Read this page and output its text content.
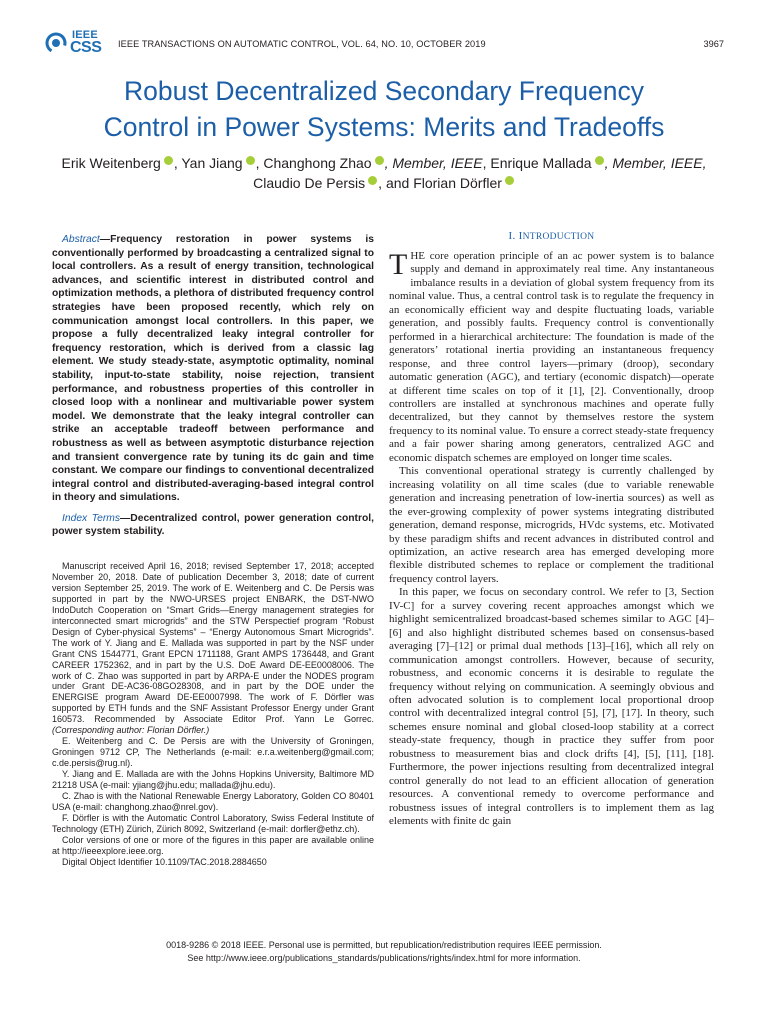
IEEE
CSS IEEE TRANSACTIONS ON AUTOMATIC CONTROL, VOL. 64, NO. 10, OCTOBER 2019	3967
Robust Decentralized Secondary Frequency
Control in Power Systems: Merits and Tradeoffs
Erik Weitenberg , Yan Jiang , Changhong Zhao , Member, IEEE, Enrique Mallada , Member, IEEE,
Claudio De Persis , and Florian Dörfler

Abstract—Frequency restoration in power systems is conventionally performed by broadcasting a centralized signal to local controllers. As a result of energy transition, technological advances, and scientific interest in distributed control and optimization methods, a plethora of distributed frequency control strategies have been proposed recently, which rely on communication amongst local controllers. In this paper, we propose a fully decentralized leaky integral controller for frequency restoration, which is derived from a classic lag element. We study steady-state, asymptotic optimality, nominal stability, input-to-state stability, noise rejection, transient performance, and robustness properties of this controller in closed loop with a nonlinear and multivariable power system model. We demonstrate that the leaky integral controller can strike an acceptable tradeoff between performance and robustness as well as between asymptotic disturbance rejection and transient convergence rate by tuning its dc gain and time constant. We compare our findings to conventional decentralized integral control and distributed-averaging-based integral control in theory and simulations.

Index Terms—Decentralized control, power generation control, power system stability.

Manuscript received April 16, 2018; revised September 17, 2018; accepted November 20, 2018. Date of publication December 3, 2018; date of current version September 25, 2019. The work of E. Weitenberg and C. De Persis was supported in part by the NWO-URSES project ENBARK, the DST-NWO IndoDutch Cooperation on “Smart Grids—Energy management strategies for interconnected smart microgrids” and the STW Perspectief program “Robust Design of Cyber-physical Systems” – “Energy Autonomous Smart Microgrids”. The work of Y. Jiang and E. Mallada was supported in part by the NSF under Grant CNS 1544771, Grant EPCN 1711188, Grant AMPS 1736448, and Grant CAREER 1752362, and in part by the U.S. DoE Award DE-EE0008006. The work of C. Zhao was supported in part by ARPA-E under the NODES program under Grant DE-AC36-08GO28308, and in part by the DOE under the ENERGISE program Award DE-EE0007998. The work of F. Dörfler was supported by ETH funds and the SNF Assistant Professor Energy under Grant 160573. Recommended by Associate Editor Prof. Yann Le Gorrec. (Corresponding author: Florian Dörfler.)

E. Weitenberg and C. De Persis are with the University of Groningen, Groningen 9712 CP, The Netherlands (e-mail: e.r.a.weitenberg@gmail.com; c.de.persis@rug.nl).

Y. Jiang and E. Mallada are with the Johns Hopkins University, Baltimore MD 21218 USA (e-mail: yjiang@jhu.edu; mallada@jhu.edu).

C. Zhao is with the National Renewable Energy Laboratory, Golden CO 80401 USA (e-mail: changhong.zhao@nrel.gov).

F. Dörfler is with the Automatic Control Laboratory, Swiss Federal Institute of Technology (ETH) Zürich, Zürich 8092, Switzerland (e-mail: dorfler@ethz.ch).

Color versions of one or more of the figures in this paper are available online at http://ieeexplore.ieee.org.

Digital Object Identifier 10.1109/TAC.2018.2884650

I. INTRODUCTION

THE core operation principle of an ac power system is to balance supply and demand in approximately real time. Any instantaneous imbalance results in a deviation of global system frequency from its nominal value. Thus, a central control task is to regulate the frequency in an economically efficient way and despite fluctuating loads, variable generation, and possibly faults. Frequency control is conventionally performed in a hierarchical architecture: The foundation is made of the generators’ rotational inertia providing an instantaneous frequency response, and three control layers—primary (droop), secondary automatic generation (AGC), and tertiary (economic dispatch)—operate at different time scales on top of it [1], [2]. Conventionally, droop controllers are installed at synchronous machines and operate fully decentralized, but they cannot by themselves restore the system frequency to its nominal value. To ensure a correct steady-state frequency and a fair power sharing among generators, centralized AGC and economic dispatch schemes are employed on longer time scales.

This conventional operational strategy is currently challenged by increasing volatility on all time scales (due to variable renewable generation and increasing penetration of low-inertia sources) as well as the ever-growing complexity of power systems integrating distributed generation, demand response, microgrids, HVdc systems, etc. Motivated by these paradigm shifts and recent advances in distributed control and optimization, an active research area has emerged developing more flexible distributed schemes to replace or complement the traditional frequency control layers.

In this paper, we focus on secondary control. We refer to [3, Section IV-C] for a survey covering recent approaches amongst which we highlight semicentralized broadcast-based schemes similar to AGC [4]–[6] and also highlight distributed schemes based on consensus-based averaging [7]–[12] or primal dual methods [13]–[16], which all rely on communication amongst controllers. However, because of security, robustness, and economic concerns it is desirable to regulate the frequency without relying on communication. A seemingly obvious and often advocated solution is to complement local proportional droop control with decentralized integral control [5], [7], [17]. In theory, such schemes ensure nominal and global closed-loop stability at a correct steady-state frequency, though in practice they suffer from poor robustness to measurement bias and clock drifts [4], [5], [11], [18]. Furthermore, the power injections resulting from decentralized integral control generally do not lead to an efficient allocation of generation resources. A conventional remedy to overcome performance and robustness issues of integral controllers is to implement them as lag elements with finite dc gain

0018-9286 © 2018 IEEE. Personal use is permitted, but republication/redistribution requires IEEE permission.
See http://www.ieee.org/publications_standards/publications/rights/index.html for more information.
